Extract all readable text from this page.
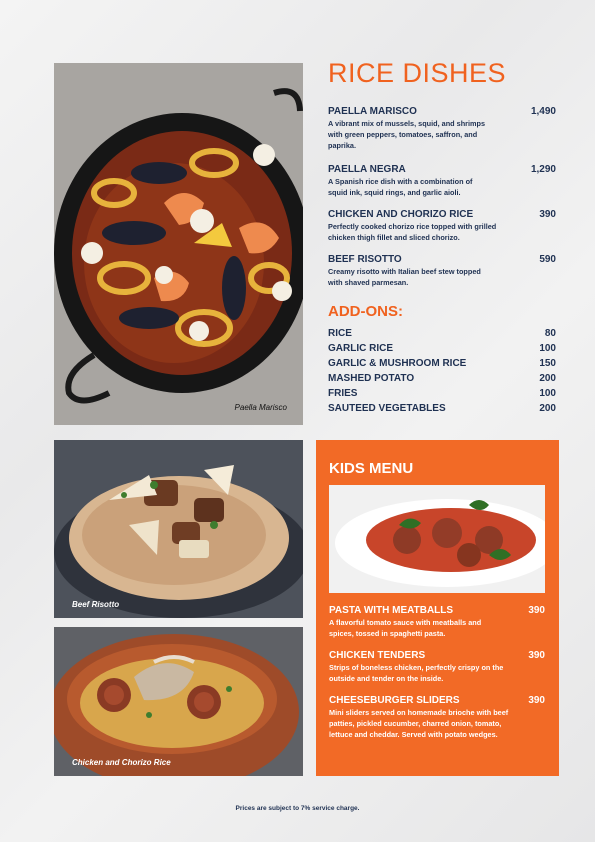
Paella Marisco
RICE DISHES
PAELLA MARISCO	1,490
A vibrant mix of mussels, squid, and shrimps with green peppers, tomatoes, saffron, and paprika.
PAELLA NEGRA	1,290
A Spanish rice dish with a combination of squid ink, squid rings, and garlic aioli.
CHICKEN AND CHORIZO RICE	390
Perfectly cooked chorizo rice topped with grilled chicken thigh fillet and sliced chorizo.
BEEF RISOTTO	590
Creamy risotto with Italian beef stew topped with shaved parmesan.
ADD-ONS:
RICE	80
GARLIC RICE	100
GARLIC & MUSHROOM RICE	150
MASHED POTATO	200
FRIES	100
SAUTEED VEGETABLES	200
Beef Risotto
Chicken and Chorizo Rice
KIDS MENU
PASTA WITH MEATBALLS	390
A flavorful tomato sauce with meatballs and spices, tossed in spaghetti pasta.
CHICKEN TENDERS	390
Strips of boneless chicken, perfectly crispy on the outside and tender on the inside.
CHEESEBURGER SLIDERS	390
Mini sliders served on homemade brioche with beef patties, pickled cucumber, charred onion, tomato, lettuce and cheddar. Served with potato wedges.
Prices are subject to 7% service charge.
